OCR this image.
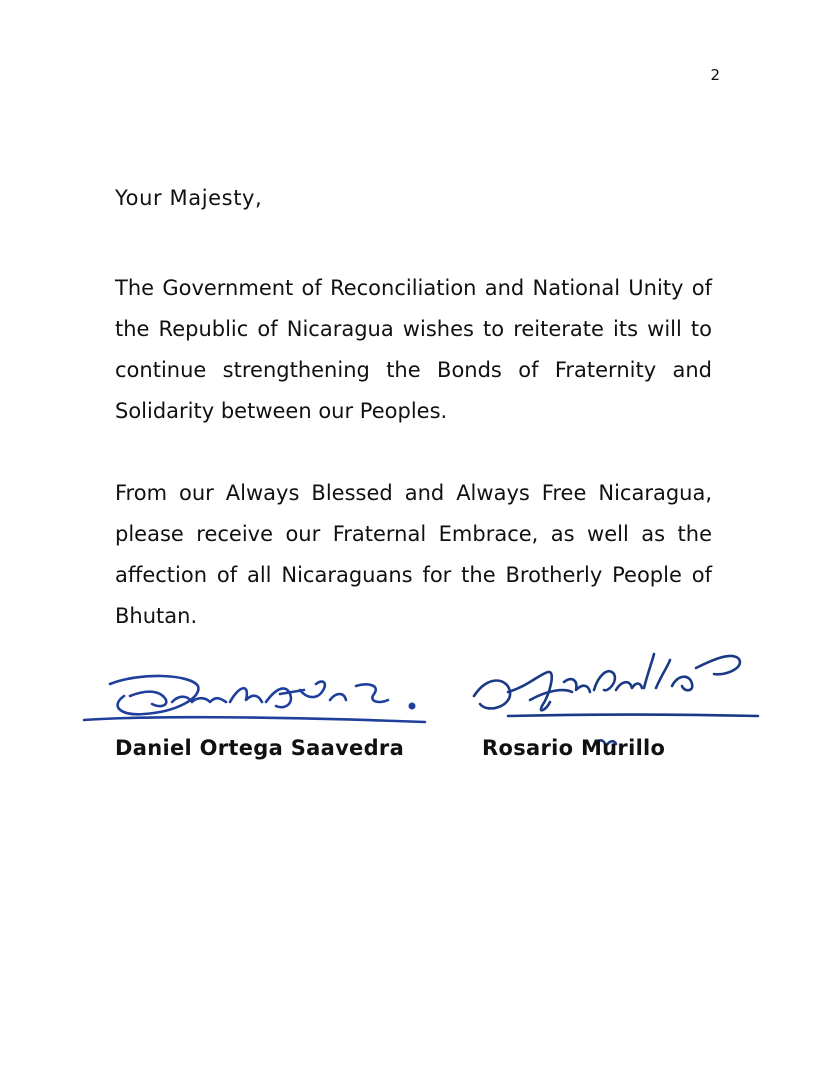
2

Your Majesty,

The Government of Reconciliation and National Unity of the Republic of Nicaragua wishes to reiterate its will to continue strengthening the Bonds of Fraternity and Solidarity between our Peoples.

From our Always Blessed and Always Free Nicaragua, please receive our Fraternal Embrace, as well as the affection of all Nicaraguans for the Brotherly People of Bhutan.

Daniel Ortega Saavedra	Rosario Murillo
